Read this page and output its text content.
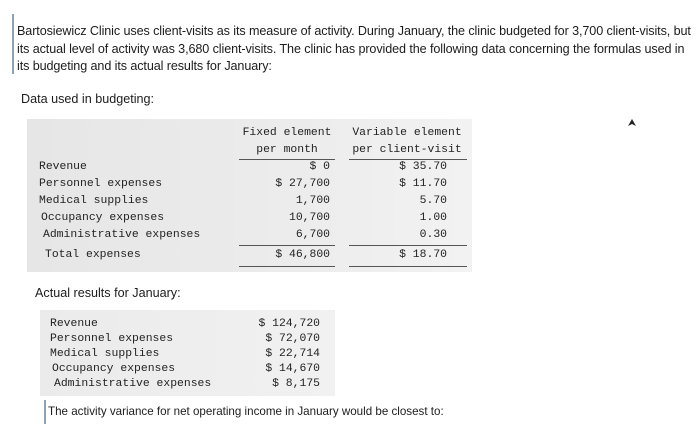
Bartosiewicz Clinic uses client-visits as its measure of activity. During January, the clinic budgeted for 3,700 client-visits, but its actual level of activity was 3,680 client-visits. The clinic has provided the following data concerning the formulas used in its budgeting and its actual results for January:
Data used in budgeting:
Fixed element
per month
Variable element
per client-visit
Revenue	$ 0	$ 35.70
Personnel expenses	$ 27,700	$ 11.70
Medical supplies	1,700	5.70
Occupancy expenses	10,700	1.00
Administrative expenses	6,700	0.30
Total expenses	$ 46,800	$ 18.70
Actual results for January:
Revenue	$ 124,720
Personnel expenses	$ 72,070
Medical supplies	$ 22,714
Occupancy expenses	$ 14,670
Administrative expenses	$ 8,175
The activity variance for net operating income in January would be closest to:
